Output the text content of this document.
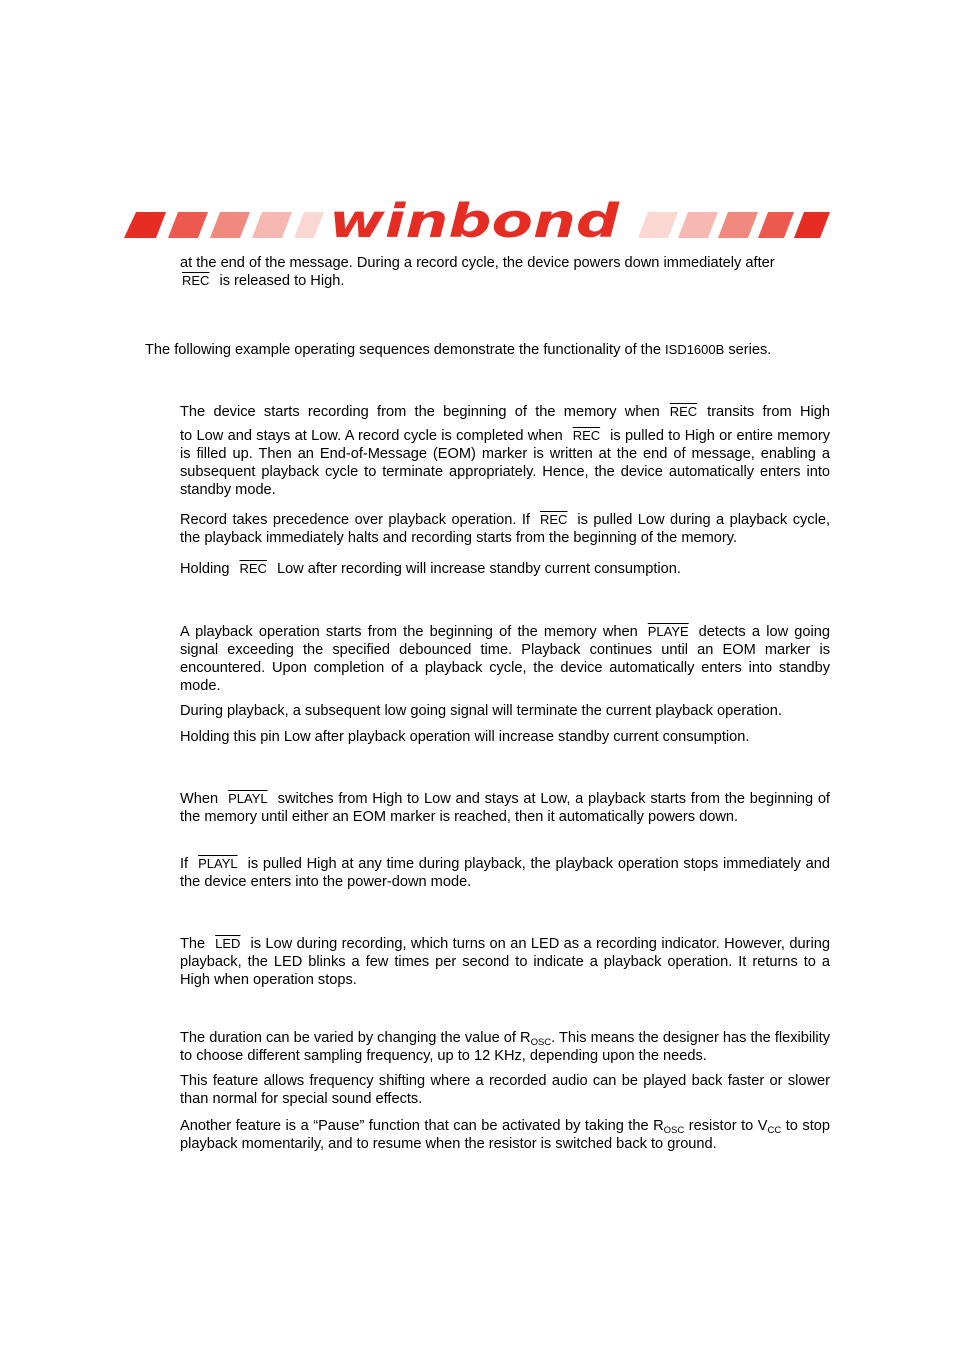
winbond

at the end of the message. During a record cycle, the device powers down immediately after
$\overline{REC}$ is released to High.

The following example operating sequences demonstrate the functionality of the ISD1600B series.

The device starts recording from the beginning of the memory when $\overline{REC}$ transits from High
to Low and stays at Low. A record cycle is completed when $\overline{REC}$ is pulled to High or entire memory is filled up. Then an End-of-Message (EOM) marker is written at the end of message, enabling a subsequent playback cycle to terminate appropriately. Hence, the device automatically enters into standby mode.

Record takes precedence over playback operation. If $\overline{REC}$ is pulled Low during a playback cycle, the playback immediately halts and recording starts from the beginning of the memory.

Holding $\overline{REC}$ Low after recording will increase standby current consumption.

A playback operation starts from the beginning of the memory when PLAYE detects a low going signal exceeding the specified debounced time. Playback continues until an EOM marker is encountered. Upon completion of a playback cycle, the device automatically enters into standby mode.

During playback, a subsequent low going signal will terminate the current playback operation.

Holding this pin Low after playback operation will increase standby current consumption.

When PLAYL switches from High to Low and stays at Low, a playback starts from the beginning of the memory until either an EOM marker is reached, then it automatically powers down.

If PLAYL is pulled High at any time during playback, the playback operation stops immediately and the device enters into the power-down mode.

The $\overline{LED}$ is Low during recording, which turns on an LED as a recording indicator. However, during playback, the LED blinks a few times per second to indicate a playback operation. It returns to a High when operation stops.

The duration can be varied by changing the value of $R_{OSC}$. This means the designer has the flexibility to choose different sampling frequency, up to 12 KHz, depending upon the needs.

This feature allows frequency shifting where a recorded audio can be played back faster or slower than normal for special sound effects.

Another feature is a “Pause” function that can be activated by taking the $R_{OSC}$ resistor to $V_{CC}$ to stop playback momentarily, and to resume when the resistor is switched back to ground.
